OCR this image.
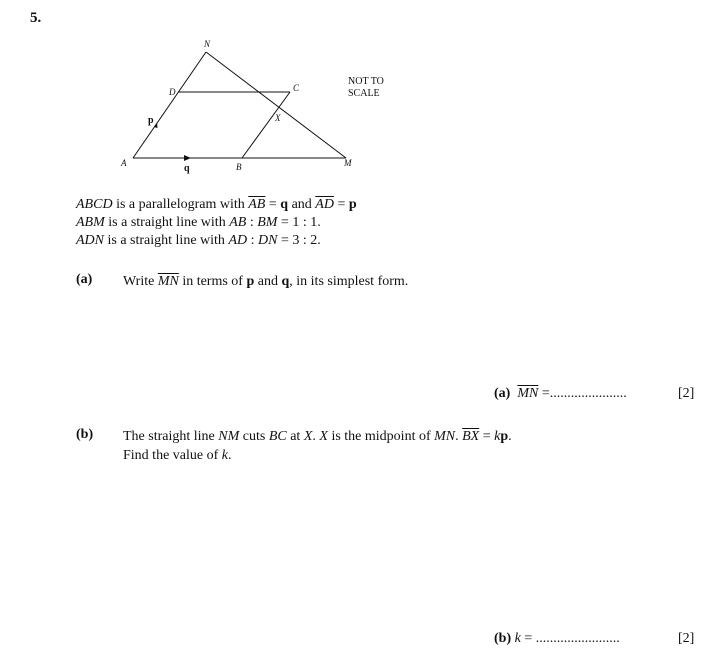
5.
N
D	C
X
A	B	M
p
q
NOT TO
SCALE
ABCD is a parallelogram with $\overline{AB} = q$ and $\overline{AD} = p$
ABM is a straight line with AB : BM = 1 : 1.
ADN is a straight line with AD : DN = 3 : 2.
(a) Write $\overline{MN}$ in terms of p and q, in its simplest form.
(a) $\overline{MN}$ =......................	[2]
(b) The straight line NM cuts BC at X. X is the midpoint of MN. $\overline{BX}$ = kp.
Find the value of k.
(b) k = ........................	[2]
